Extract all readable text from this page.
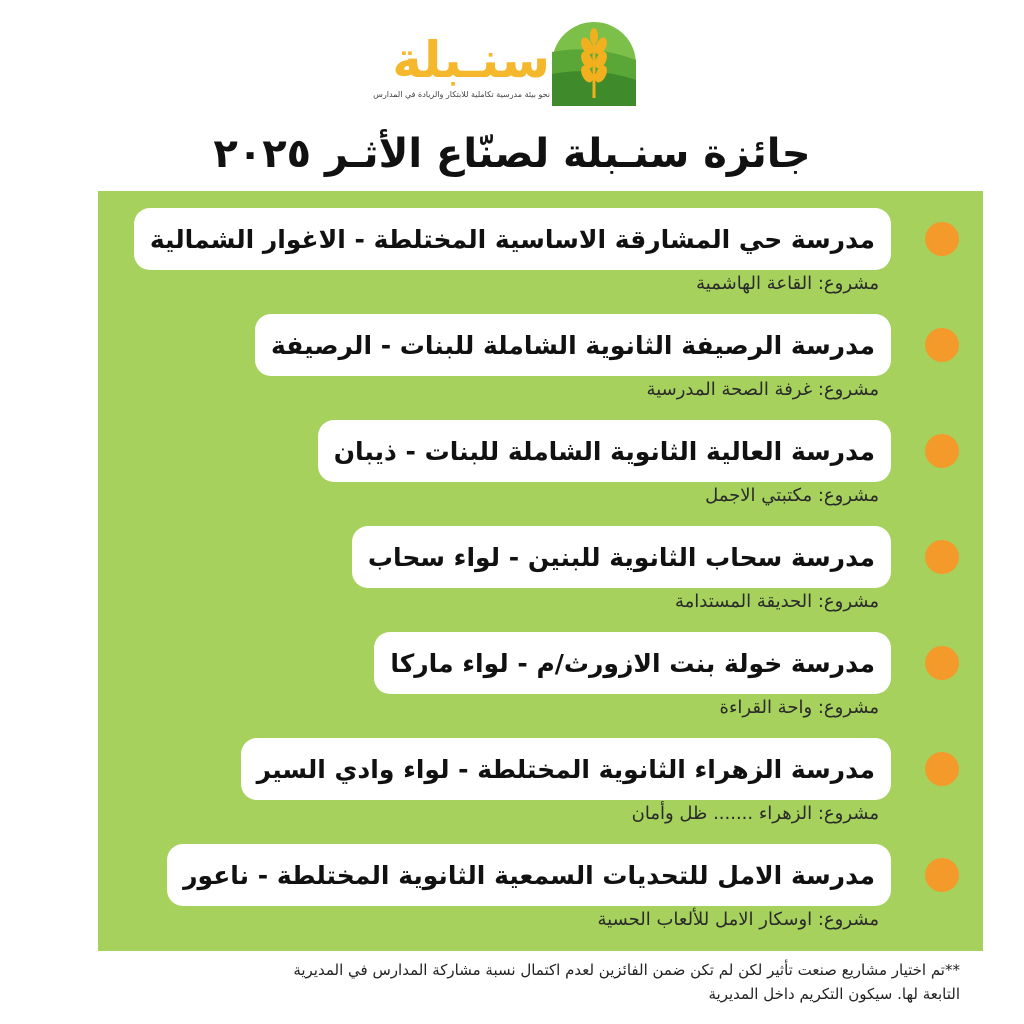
سنـبلة
نحو بيئة مدرسية تكاملية للابتكار والريادة في المدارس
جائزة سنـبلة لصنّاع الأثـر ٢٠٢٥
مدرسة حي المشارقة الاساسية المختلطة - الاغوار الشمالية
مشروع: القاعة الهاشمية
مدرسة الرصيفة الثانوية الشاملة للبنات - الرصيفة
مشروع: غرفة الصحة المدرسية
مدرسة العالية الثانوية الشاملة للبنات - ذيبان
مشروع: مكتبتي الاجمل
مدرسة سحاب الثانوية للبنين - لواء سحاب
مشروع: الحديقة المستدامة
مدرسة خولة بنت الازورث/م - لواء ماركا
مشروع: واحة القراءة
مدرسة الزهراء الثانوية المختلطة - لواء وادي السير
مشروع: الزهراء ....... ظل وأمان
مدرسة الامل للتحديات السمعية الثانوية المختلطة - ناعور
مشروع: اوسكار الامل للألعاب الحسية
**تم اختيار مشاريع صنعت تأثير لكن لم تكن ضمن الفائزين لعدم اكتمال نسبة مشاركة المدارس في المديرية
التابعة لها. سيكون التكريم داخل المديرية
